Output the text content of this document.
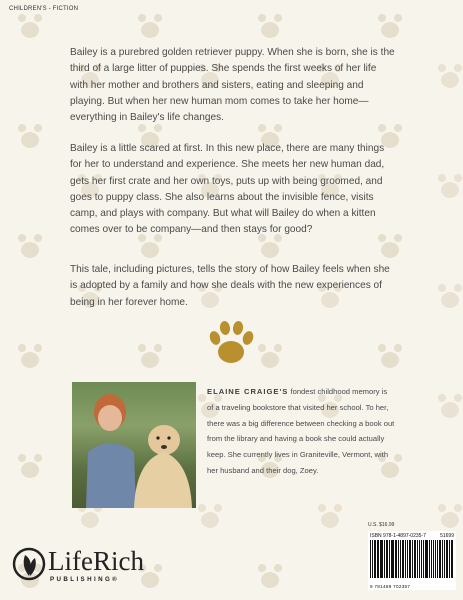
CHILDREN'S - FICTION

Bailey is a purebred golden retriever puppy. When she is born, she is the third of a large litter of puppies. She spends the first weeks of her life with her mother and brothers and sisters, eating and sleeping and playing. But when her new human mom comes to take her home—everything in Bailey's life changes.

Bailey is a little scared at first. In this new place, there are many things for her to understand and experience. She meets her new human dad, gets her first crate and her own toys, puts up with being groomed, and goes to puppy class. She also learns about the invisible fence, visits camp, and plays with company. But what will Bailey do when a kitten comes over to be company—and then stays for good?

This tale, including pictures, tells the story of how Bailey feels when she is adopted by a family and how she deals with the new experiences of being in her forever home.

ELAINE CRAIGE'S fondest childhood memory is of a traveling bookstore that visited her school. To her, there was a big difference between checking a book out from the library and having a book she could actually keep. She currently lives in Graniteville, Vermont, with her husband and their dog, Zoey.

LifeRich
PUBLISHING®
U.S. $16.99
ISBN 978-1-4897-0235-7	51699
9 781489 702357
